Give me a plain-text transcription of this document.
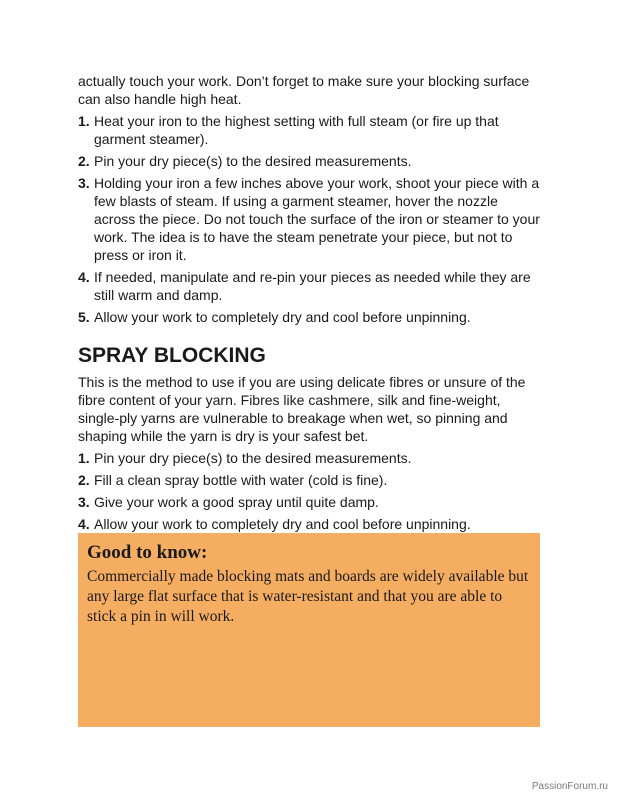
actually touch your work. Don’t forget to make sure your blocking surface can also handle high heat.

1. Heat your iron to the highest setting with full steam (or fire up that garment steamer).
2. Pin your dry piece(s) to the desired measurements.
3. Holding your iron a few inches above your work, shoot your piece with a few blasts of steam. If using a garment steamer, hover the nozzle across the piece. Do not touch the surface of the iron or steamer to your work. The idea is to have the steam penetrate your piece, but not to press or iron it.
4. If needed, manipulate and re-pin your pieces as needed while they are still warm and damp.
5. Allow your work to completely dry and cool before unpinning.
SPRAY BLOCKING

This is the method to use if you are using delicate fibres or unsure of the fibre content of your yarn. Fibres like cashmere, silk and fine-weight, single-ply yarns are vulnerable to breakage when wet, so pinning and shaping while the yarn is dry is your safest bet.

1. Pin your dry piece(s) to the desired measurements.
2. Fill a clean spray bottle with water (cold is fine).
3. Give your work a good spray until quite damp.
4. Allow your work to completely dry and cool before unpinning.

Good to know:

Commercially made blocking mats and boards are widely available but any large flat surface that is water-resistant and that you are able to stick a pin in will work.

PassionForum.ru
